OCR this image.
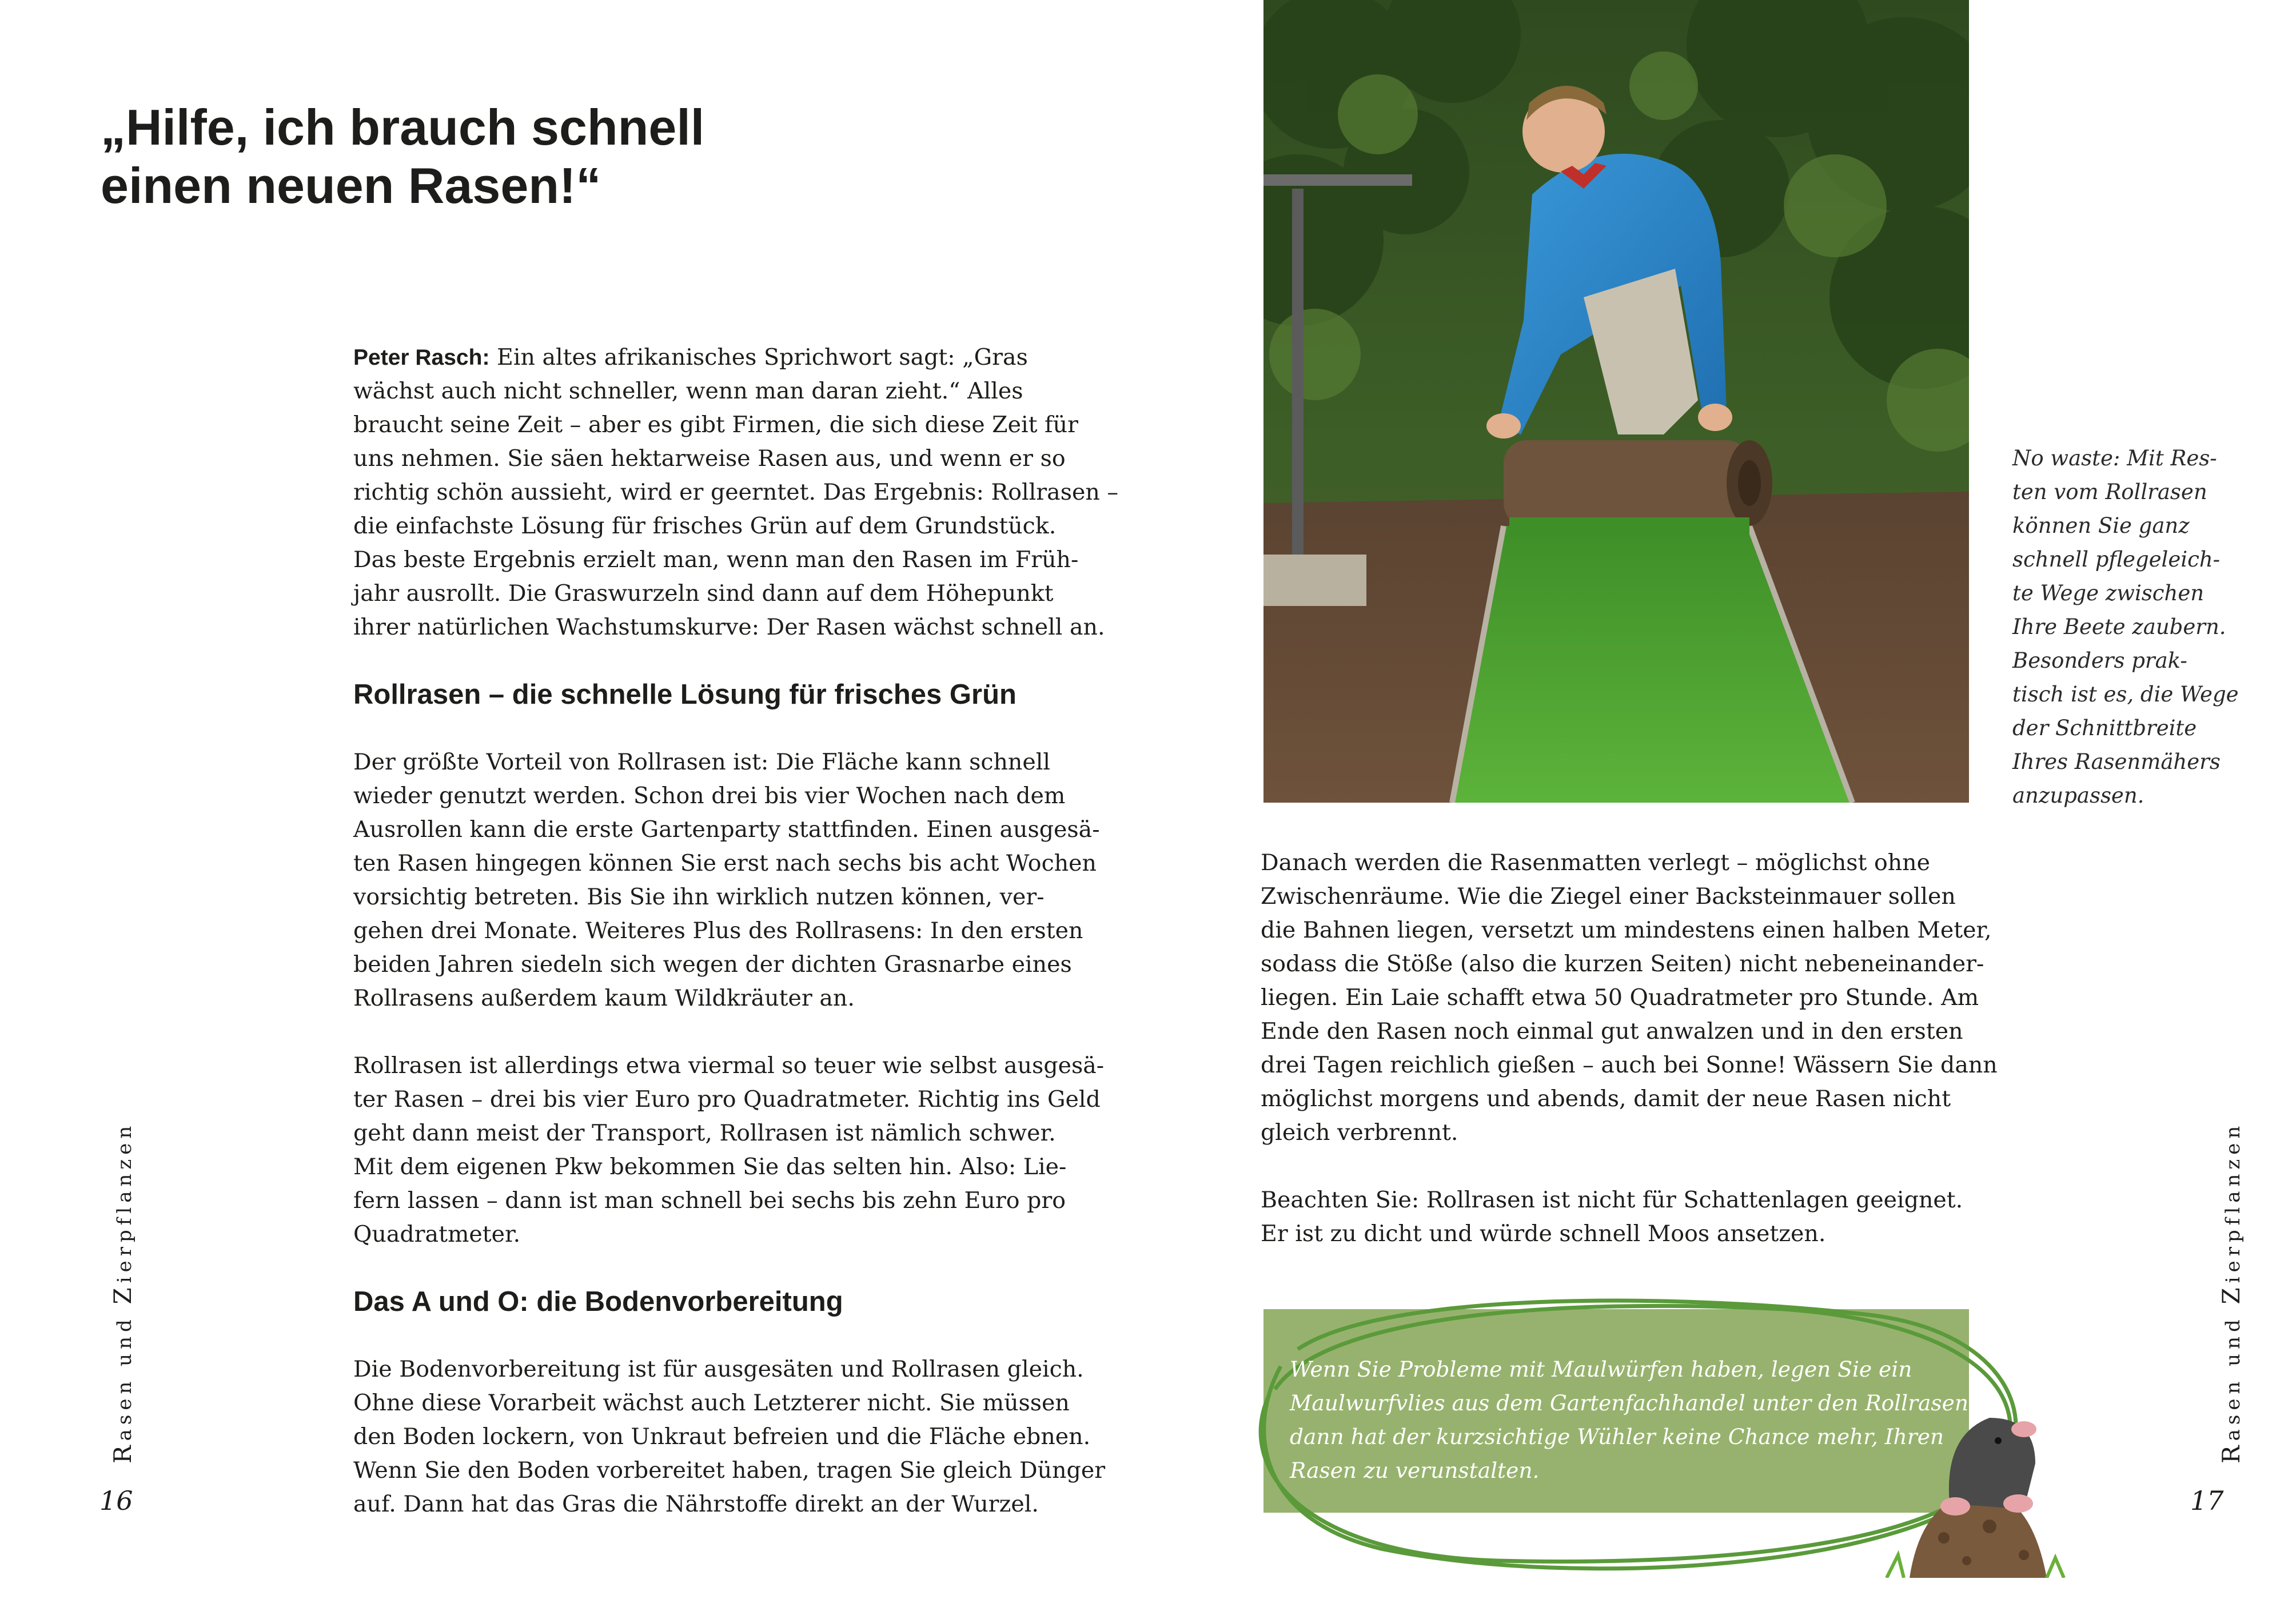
„Hilfe, ich brauch schnell
einen neuen Rasen!“

Peter Rasch: Ein altes afrikanisches Sprichwort sagt: „Gras
wächst auch nicht schneller, wenn man daran zieht.“ Alles
braucht seine Zeit – aber es gibt Firmen, die sich diese Zeit für
uns nehmen. Sie säen hektarweise Rasen aus, und wenn er so
richtig schön aussieht, wird er geerntet. Das Ergebnis: Rollrasen –
die einfachste Lösung für frisches Grün auf dem Grundstück.
Das beste Ergebnis erzielt man, wenn man den Rasen im Früh-
jahr ausrollt. Die Graswurzeln sind dann auf dem Höhepunkt
ihrer natürlichen Wachstumskurve: Der Rasen wächst schnell an.

Rollrasen – die schnelle Lösung für frisches Grün

Der größte Vorteil von Rollrasen ist: Die Fläche kann schnell
wieder genutzt werden. Schon drei bis vier Wochen nach dem
Ausrollen kann die erste Gartenparty stattfinden. Einen ausgesä-
ten Rasen hingegen können Sie erst nach sechs bis acht Wochen
vorsichtig betreten. Bis Sie ihn wirklich nutzen können, ver-
gehen drei Monate. Weiteres Plus des Rollrasens: In den ersten
beiden Jahren siedeln sich wegen der dichten Grasnarbe eines
Rollrasens außerdem kaum Wildkräuter an.

Rollrasen ist allerdings etwa viermal so teuer wie selbst ausgesä-
ter Rasen – drei bis vier Euro pro Quadratmeter. Richtig ins Geld
geht dann meist der Transport, Rollrasen ist nämlich schwer.
Mit dem eigenen Pkw bekommen Sie das selten hin. Also: Lie-
fern lassen – dann ist man schnell bei sechs bis zehn Euro pro
Quadratmeter.

Das A und O: die Bodenvorbereitung

Die Bodenvorbereitung ist für ausgesäten und Rollrasen gleich.
Ohne diese Vorarbeit wächst auch Letzterer nicht. Sie müssen
den Boden lockern, von Unkraut befreien und die Fläche ebnen.
Wenn Sie den Boden vorbereitet haben, tragen Sie gleich Dünger
auf. Dann hat das Gras die Nährstoffe direkt an der Wurzel.

No waste: Mit Res-
ten vom Rollrasen
können Sie ganz
schnell pflegeleich-
te Wege zwischen
Ihre Beete zaubern.
Besonders prak-
tisch ist es, die Wege
der Schnittbreite
Ihres Rasenmähers
anzupassen.

Danach werden die Rasenmatten verlegt – möglichst ohne
Zwischenräume. Wie die Ziegel einer Backsteinmauer sollen
die Bahnen liegen, versetzt um mindestens einen halben Meter,
sodass die Stöße (also die kurzen Seiten) nicht nebeneinander-
liegen. Ein Laie schafft etwa 50 Quadratmeter pro Stunde. Am
Ende den Rasen noch einmal gut anwalzen und in den ersten
drei Tagen reichlich gießen – auch bei Sonne! Wässern Sie dann
möglichst morgens und abends, damit der neue Rasen nicht
gleich verbrennt.

Beachten Sie: Rollrasen ist nicht für Schattenlagen geeignet.
Er ist zu dicht und würde schnell Moos ansetzen.

Wenn Sie Probleme mit Maulwürfen haben, legen Sie ein
Maulwurfvlies aus dem Gartenfachhandel unter den Rollrasen,
dann hat der kurzsichtige Wühler keine Chance mehr, Ihren
Rasen zu verunstalten.
Rasen und Zierpflanzen
Rasen und Zierpflanzen
16	17
